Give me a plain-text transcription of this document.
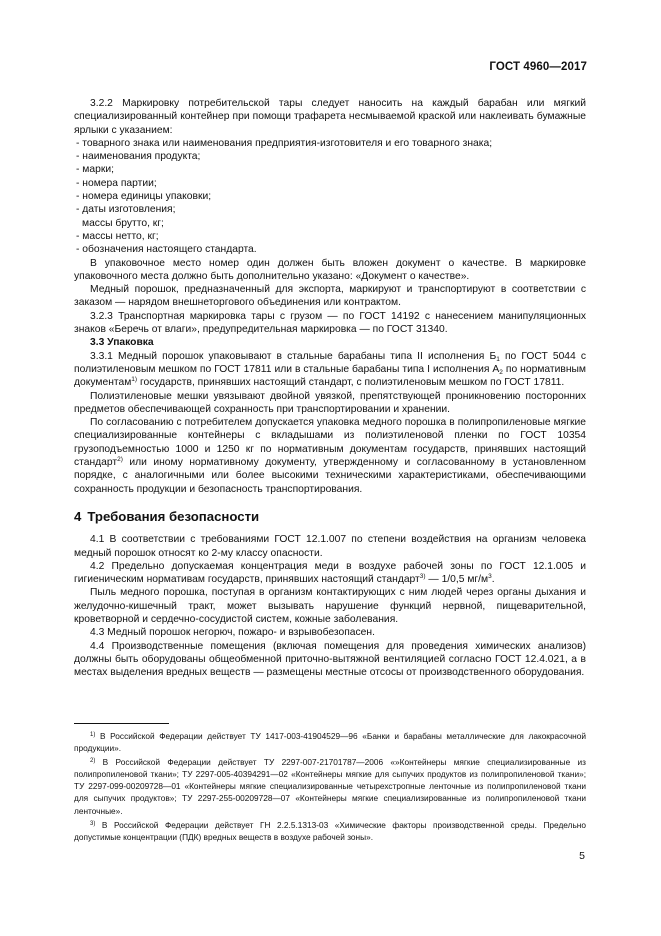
ГОСТ 4960—2017

3.2.2 Маркировку потребительской тары следует наносить на каждый барабан или мягкий специализированный контейнер при помощи трафарета несмываемой краской или наклеивать бумажные ярлыки с указанием:

- товарного знака или наименования предприятия-изготовителя и его товарного знака;

- наименования продукта;

- марки;

- номера партии;

- номера единицы упаковки;

- даты изготовления;

массы брутто, кг;

- массы нетто, кг;

- обозначения настоящего стандарта.

В упаковочное место номер один должен быть вложен документ о качестве. В маркировке упаковочного места должно быть дополнительно указано: «Документ о качестве».

Медный порошок, предназначенный для экспорта, маркируют и транспортируют в соответствии с заказом — нарядом внешнеторгового объединения или контрактом.

3.2.3 Транспортная маркировка тары с грузом — по ГОСТ 14192 с нанесением манипуляционных знаков «Беречь от влаги», предупредительная маркировка — по ГОСТ 31340.

3.3 Упаковка

3.3.1 Медный порошок упаковывают в стальные барабаны типа II исполнения $Б_1$ по ГОСТ 5044 с полиэтиленовым мешком по ГОСТ 17811 или в стальные барабаны типа I исполнения $А_2$ по нормативным документам$^{1)}$ государств, принявших настоящий стандарт, с полиэтиленовым мешком по ГОСТ 17811.

Полиэтиленовые мешки увязывают двойной увязкой, препятствующей проникновению посторонних предметов обеспечивающей сохранность при транспортировании и хранении.

По согласованию с потребителем допускается упаковка медного порошка в полипропиленовые мягкие специализированные контейнеры с вкладышами из полиэтиленовой пленки по ГОСТ 10354 грузоподъемностью 1000 и 1250 кг по нормативным документам государств, принявших настоящий стандарт$^{2)}$ или иному нормативному документу, утвержденному и согласованному в установленном порядке, с аналогичными или более высокими техническими характеристиками, обеспечивающими сохранность продукции и безопасность транспортирования.

4 Требования безопасности

4.1 В соответствии с требованиями ГОСТ 12.1.007 по степени воздействия на организм человека медный порошок относят ко 2-му классу опасности.

4.2 Предельно допускаемая концентрация меди в воздухе рабочей зоны по ГОСТ 12.1.005 и гигиеническим нормативам государств, принявших настоящий стандарт$^{3)}$ — 1/0,5 $мг/м^3$.

Пыль медного порошка, поступая в организм контактирующих с ним людей через органы дыхания и желудочно-кишечный тракт, может вызывать нарушение функций нервной, пищеварительной, кроветворной и сердечно-сосудистой систем, кожные заболевания.

4.3 Медный порошок негорюч, пожаро- и взрывобезопасен.

4.4 Производственные помещения (включая помещения для проведения химических анализов) должны быть оборудованы общеобменной приточно-вытяжной вентиляцией согласно ГОСТ 12.4.021, а в местах выделения вредных веществ — размещены местные отсосы от производственного оборудования.

$^{1)}$ В Российской Федерации действует ТУ 1417-003-41904529—96 «Банки и барабаны металлические для лакокрасочной продукции».

$^{2)}$ В Российской Федерации действует ТУ 2297-007-21701787—2006 «»Контейнеры мягкие специализированные из полипропиленовой ткани»; ТУ 2297-005-40394291—02 «Контейнеры мягкие для сыпучих продуктов из полипропиленовой ткани»; ТУ 2297-099-00209728—01 «Контейнеры мягкие специализированные четырехстропные ленточные из полипропиленовой ткани для сыпучих продуктов»; ТУ 2297-255-00209728—07 «Контейнеры мягкие специализированные из полипропиленовой ткани ленточные».

$^{3)}$ В Российской Федерации действует ГН 2.2.5.1313-03 «Химические факторы производственной среды. Предельно допустимые концентрации (ПДК) вредных веществ в воздухе рабочей зоны».

5
